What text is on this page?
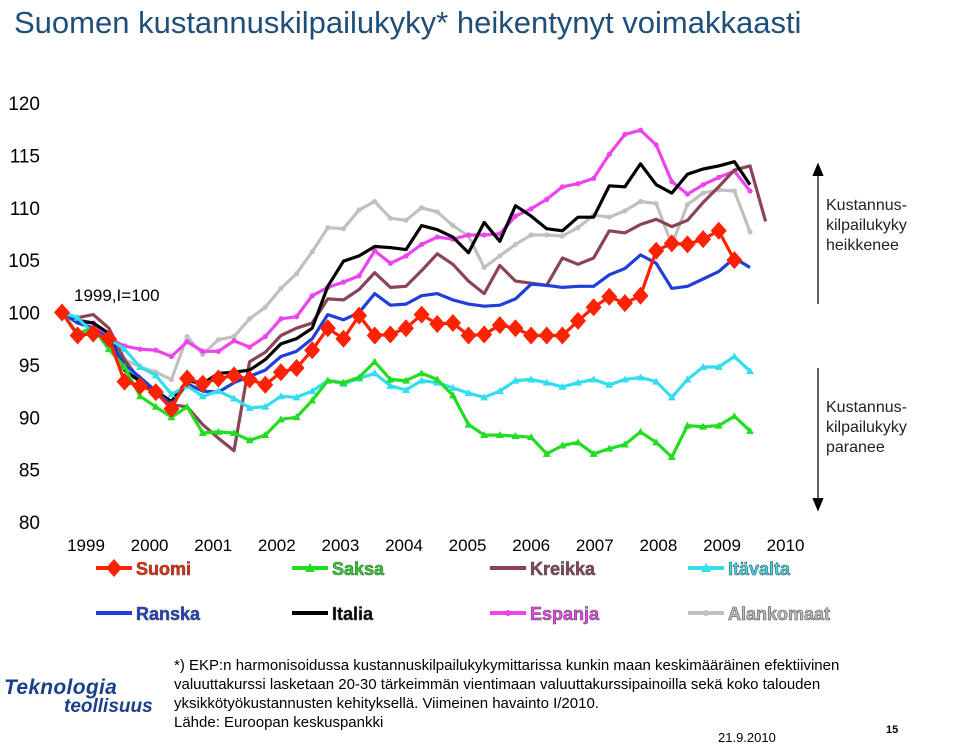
Suomen kustannuskilpailukyky* heikentynyt voimakkaasti
80
85
90
95
100
105
110
115
120
1999 2000 2001 2002 2003 2004 2005 2006 2007 2008 2009 2010
Suomi	Saksa	Kreikka	Itävalta
Ranska	Italia	Espanja	Alankomaat
1999,I=100
Kustannus-
kilpailukyky
heikkenee
Kustannus-
kilpailukyky
paranee
*) EKP:n harmonisoidussa kustannuskilpailukykymittarissa kunkin maan keskimääräinen efektiivinen
valuuttakurssi lasketaan 20-30 tärkeimmän vientimaan valuuttakurssipainoilla sekä koko talouden
yksikkötyökustannusten kehityksellä. Viimeinen havainto I/2010.
Lähde: Euroopan keskuspankki
Teknologia
teollisuus
21.9.2010	15
